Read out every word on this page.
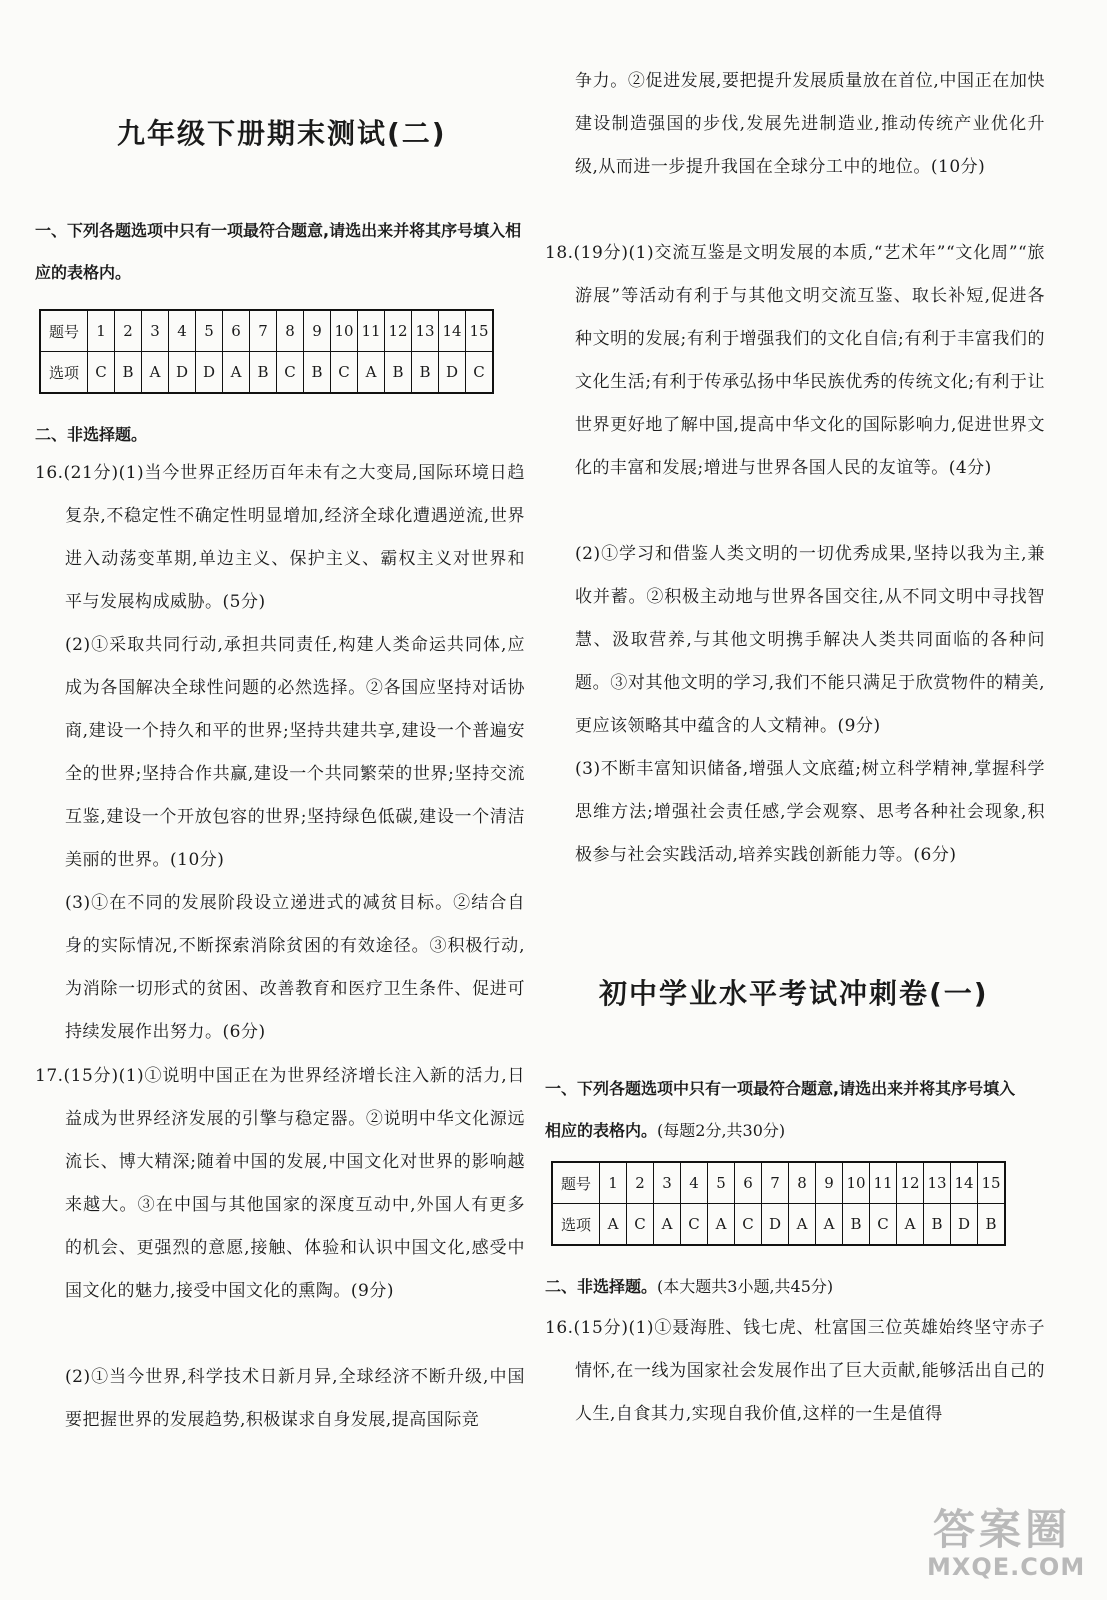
九年级下册期末测试(二)

一、下列各题选项中只有一项最符合题意,请选出来并将其序号填入相应的表格内。

题号	1	2	3	4	5	6	7	8	9	10	11	12	13	14	15
选项	C	B	A	D	D	A	B	C	B	C	A	B	B	D	C

二、非选择题。

16.(21分)(1)当今世界正经历百年未有之大变局,国际环境日趋复杂,不稳定性不确定性明显增加,经济全球化遭遇逆流,世界进入动荡变革期,单边主义、保护主义、霸权主义对世界和平与发展构成威胁。(5分)

(2)①采取共同行动,承担共同责任,构建人类命运共同体,应成为各国解决全球性问题的必然选择。②各国应坚持对话协商,建设一个持久和平的世界;坚持共建共享,建设一个普遍安全的世界;坚持合作共赢,建设一个共同繁荣的世界;坚持交流互鉴,建设一个开放包容的世界;坚持绿色低碳,建设一个清洁美丽的世界。(10分)

(3)①在不同的发展阶段设立递进式的减贫目标。②结合自身的实际情况,不断探索消除贫困的有效途径。③积极行动,为消除一切形式的贫困、改善教育和医疗卫生条件、促进可持续发展作出努力。(6分)

17.(15分)(1)①说明中国正在为世界经济增长注入新的活力,日益成为世界经济发展的引擎与稳定器。②说明中华文化源远流长、博大精深;随着中国的发展,中国文化对世界的影响越来越大。③在中国与其他国家的深度互动中,外国人有更多的机会、更强烈的意愿,接触、体验和认识中国文化,感受中国文化的魅力,接受中国文化的熏陶。(9分)

(2)①当今世界,科学技术日新月异,全球经济不断升级,中国要把握世界的发展趋势,积极谋求自身发展,提高国际竞

争力。②促进发展,要把提升发展质量放在首位,中国正在加快建设制造强国的步伐,发展先进制造业,推动传统产业优化升级,从而进一步提升我国在全球分工中的地位。(10分)

18.(19分)(1)交流互鉴是文明发展的本质,“艺术年”“文化周”“旅游展”等活动有利于与其他文明交流互鉴、取长补短,促进各种文明的发展;有利于增强我们的文化自信;有利于丰富我们的文化生活;有利于传承弘扬中华民族优秀的传统文化;有利于让世界更好地了解中国,提高中华文化的国际影响力,促进世界文化的丰富和发展;增进与世界各国人民的友谊等。(4分)

(2)①学习和借鉴人类文明的一切优秀成果,坚持以我为主,兼收并蓄。②积极主动地与世界各国交往,从不同文明中寻找智慧、汲取营养,与其他文明携手解决人类共同面临的各种问题。③对其他文明的学习,我们不能只满足于欣赏物件的精美,更应该领略其中蕴含的人文精神。(9分)

(3)不断丰富知识储备,增强人文底蕴;树立科学精神,掌握科学思维方法;增强社会责任感,学会观察、思考各种社会现象,积极参与社会实践活动,培养实践创新能力等。(6分)

初中学业水平考试冲刺卷(一)

一、下列各题选项中只有一项最符合题意,请选出来并将其序号填入相应的表格内。(每题2分,共30分)

题号	1	2	3	4	5	6	7	8	9	10	11	12	13	14	15
选项	A	C	A	C	A	C	D	A	A	B	C	A	B	D	B

二、非选择题。(本大题共3小题,共45分)

16.(15分)(1)①聂海胜、钱七虎、杜富国三位英雄始终坚守赤子情怀,在一线为国家社会发展作出了巨大贡献,能够活出自己的人生,自食其力,实现自我价值,这样的一生是值得

答案圈
MXQE.COM
